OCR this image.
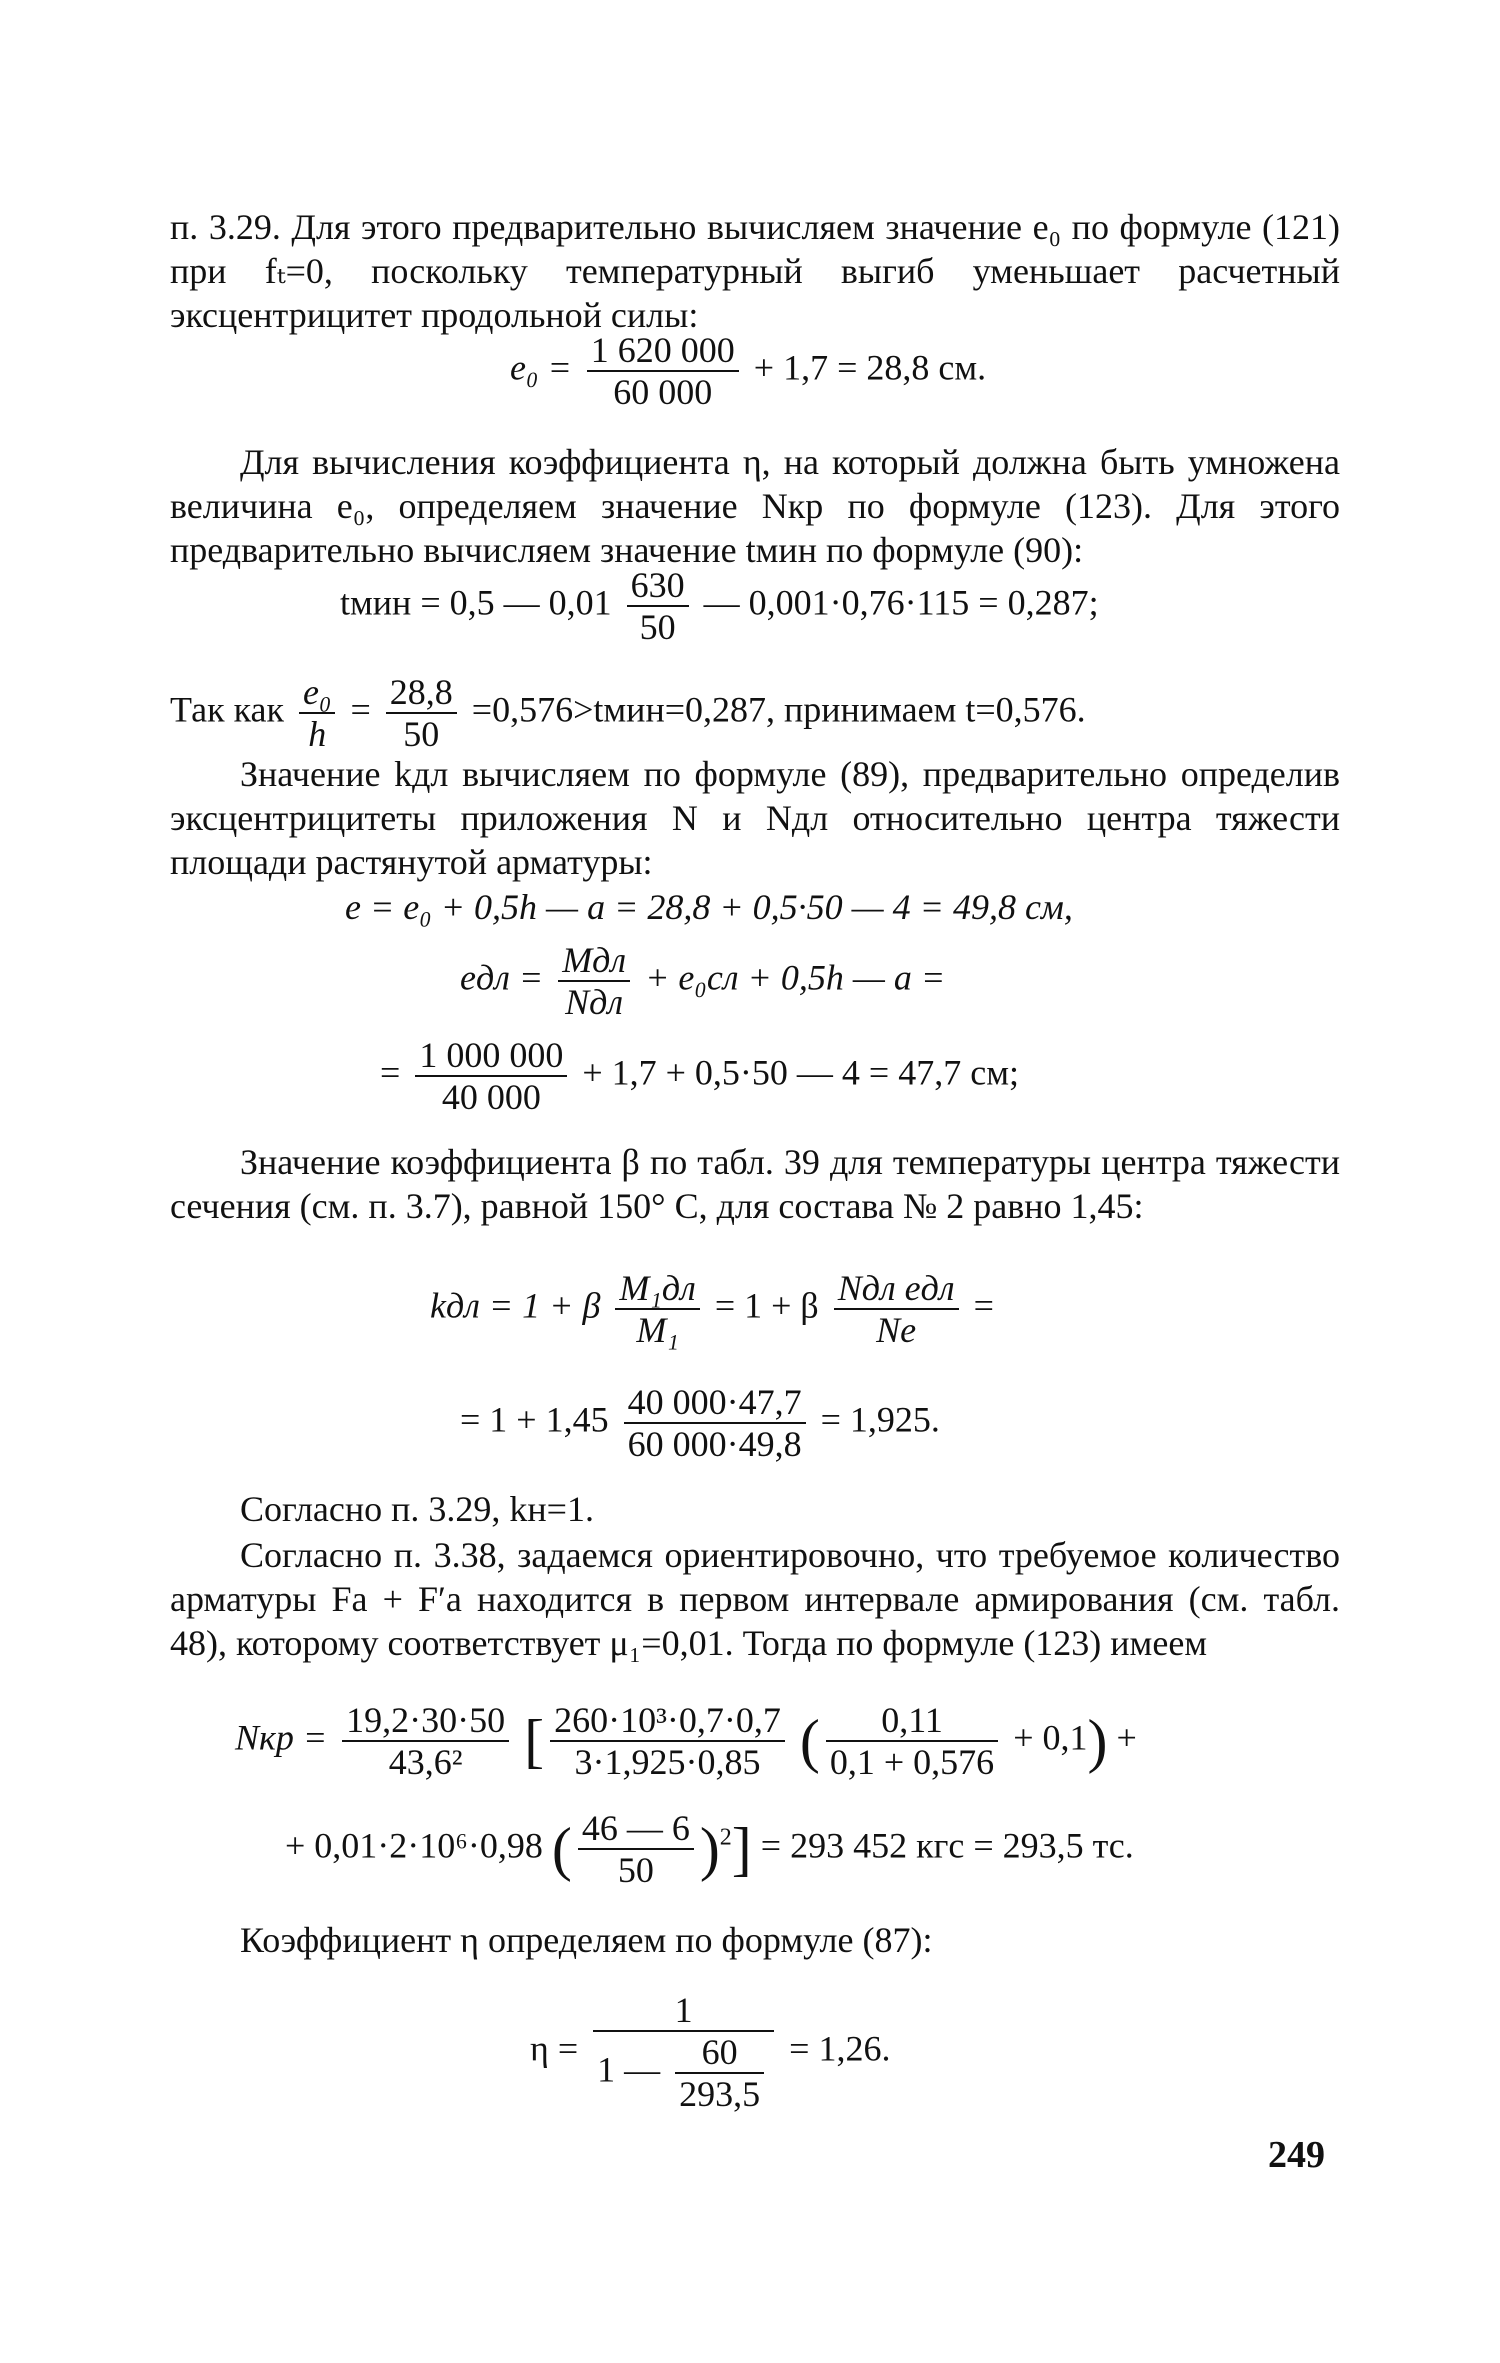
п. 3.29. Для этого предварительно вычисляем значение e₀ по формуле (121) при fₜ=0, поскольку температурный выгиб уменьшает расчетный эксцентрицитет продольной силы:

$e_0 = \frac{1 620 000}{60 000} + 1,7 = 28,8$ см.

Для вычисления коэффициента η, на который должна быть умножена величина e₀, определяем значение Nкр по формуле (123). Для этого предварительно вычисляем значение tмин по формуле (90):

tмин = 0,5 — $0,01 \frac{630}{50}$ — 0,001·0,76·115 = 0,287;
Так как $\frac{\text{e₀}}{h} = \frac{28,8}{50}$ =0,576>tмин=0,287, принимаем t=0,576.

Значение kдл вычисляем по формуле (89), предварительно определив эксцентрицитеты приложения N и Nдл относительно центра тяжести площади растянутой арматуры:

e = e₀ + 0,5h — a = 28,8 + 0,5·50 — 4 = 49,8 см,
eдл = Mдл
Nдл
+ e₀сл + 0,5h — a =
= $\frac{1 000 000}{40 000} + 1,7 + 0,5\cdot 50$ — 4 = 47,7 см;

Значение коэффициента β по табл. 39 для температуры центра тяжести сечения (см. п. 3.7), равной 150° С, для состава № 2 равно 1,45:

kдл = 1 + β M₁дл
M₁
= 1 + β Nдл eдл
Ne
=
= $1 + 1,45 \frac{40 000\cdot 47,7}{60 000\cdot 49,8} = 1,925$.

Согласно п. 3.29, kн=1.

Согласно п. 3.38, задаемся ориентировочно, что требуемое количество арматуры Fа + F′а находится в первом интервале армирования (см. табл. 48), которому соответствует μ₁=0,01. Тогда по формуле (123) имеем

Nкр = $\frac{19,2\cdot 30\cdot 50}{\text{43,6²}}$ [ $\frac{\text{260·10³·0,7·0,7}}{3\cdot 1,925\cdot 0,85}$ ( $\frac{0,11}{0,1 + 0,576} + 0,1$) +
+ 0,01·2·10⁶·0,98 ( $\frac{46 — 6}{50} )^2] = 293$ 452 кгс = 293,5 тс.

Коэффициент η определяем по формуле (87):

$\eta = \frac{1}{1 — \frac{60}{293,5}} = 1,26$.
249
